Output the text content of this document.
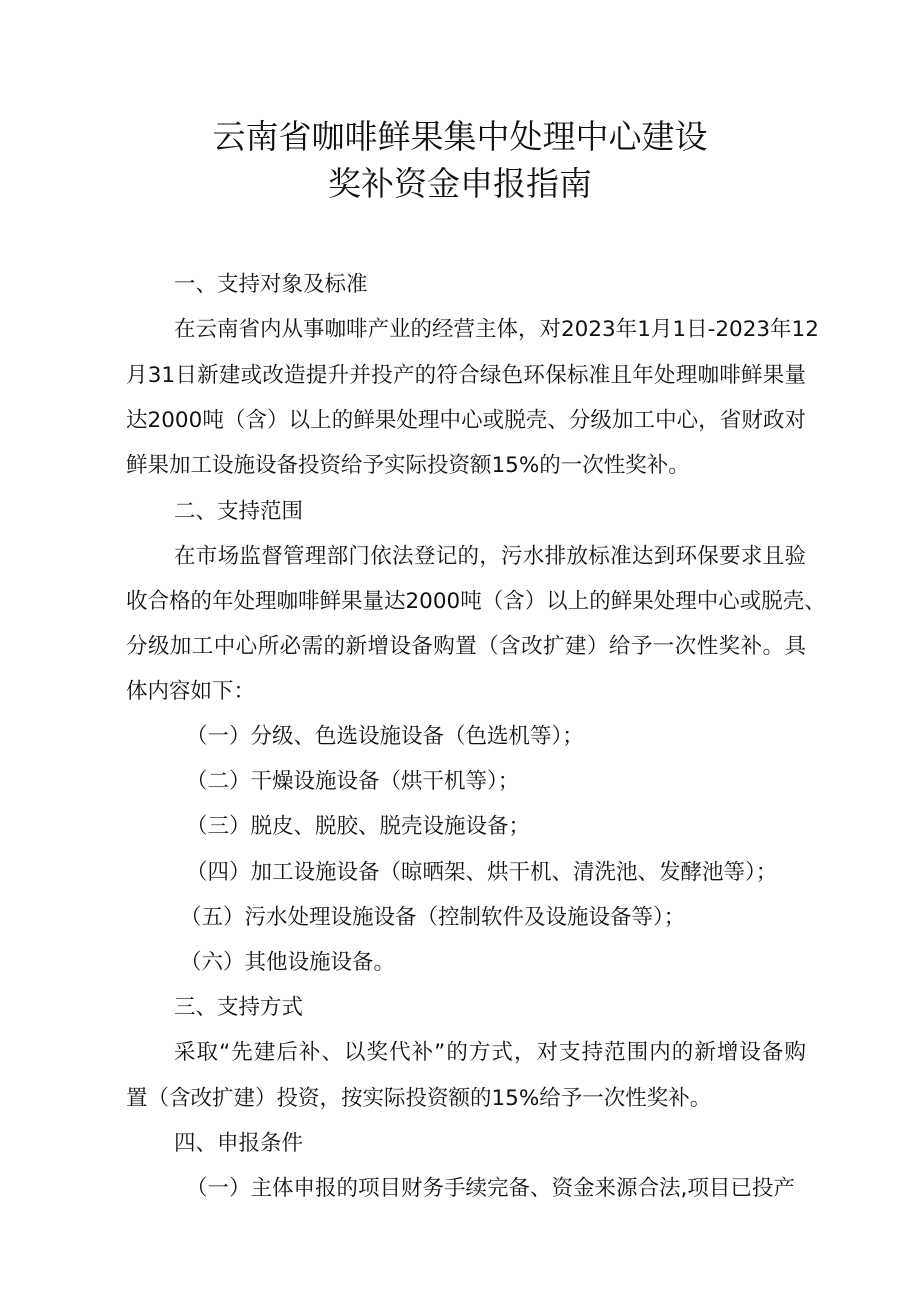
云南省咖啡鲜果集中处理中心建设
奖补资金申报指南

一、支持对象及标准

在云南省内从事咖啡产业的经营主体，对2023年1月1日-2023年12

月31日新建或改造提升并投产的符合绿色环保标准且年处理咖啡鲜果量

达2000吨（含）以上的鲜果处理中心或脱壳、分级加工中心，省财政对

鲜果加工设施设备投资给予实际投资额15%的一次性奖补。

二、支持范围

在市场监督管理部门依法登记的，污水排放标准达到环保要求且验

收合格的年处理咖啡鲜果量达2000吨（含）以上的鲜果处理中心或脱壳、

分级加工中心所必需的新增设备购置（含改扩建）给予一次性奖补。具

体内容如下：

（一）分级、色选设施设备（色选机等）；

（二）干燥设施设备（烘干机等）；

（三）脱皮、脱胶、脱壳设施设备；

（四）加工设施设备（晾晒架、烘干机、清洗池、发酵池等）；

（五）污水处理设施设备（控制软件及设施设备等）；

（六）其他设施设备。

三、支持方式

采取“先建后补、以奖代补”的方式，对支持范围内的新增设备购

置（含改扩建）投资，按实际投资额的15%给予一次性奖补。

四、申报条件

（一）主体申报的项目财务手续完备、资金来源合法,项目已投产
